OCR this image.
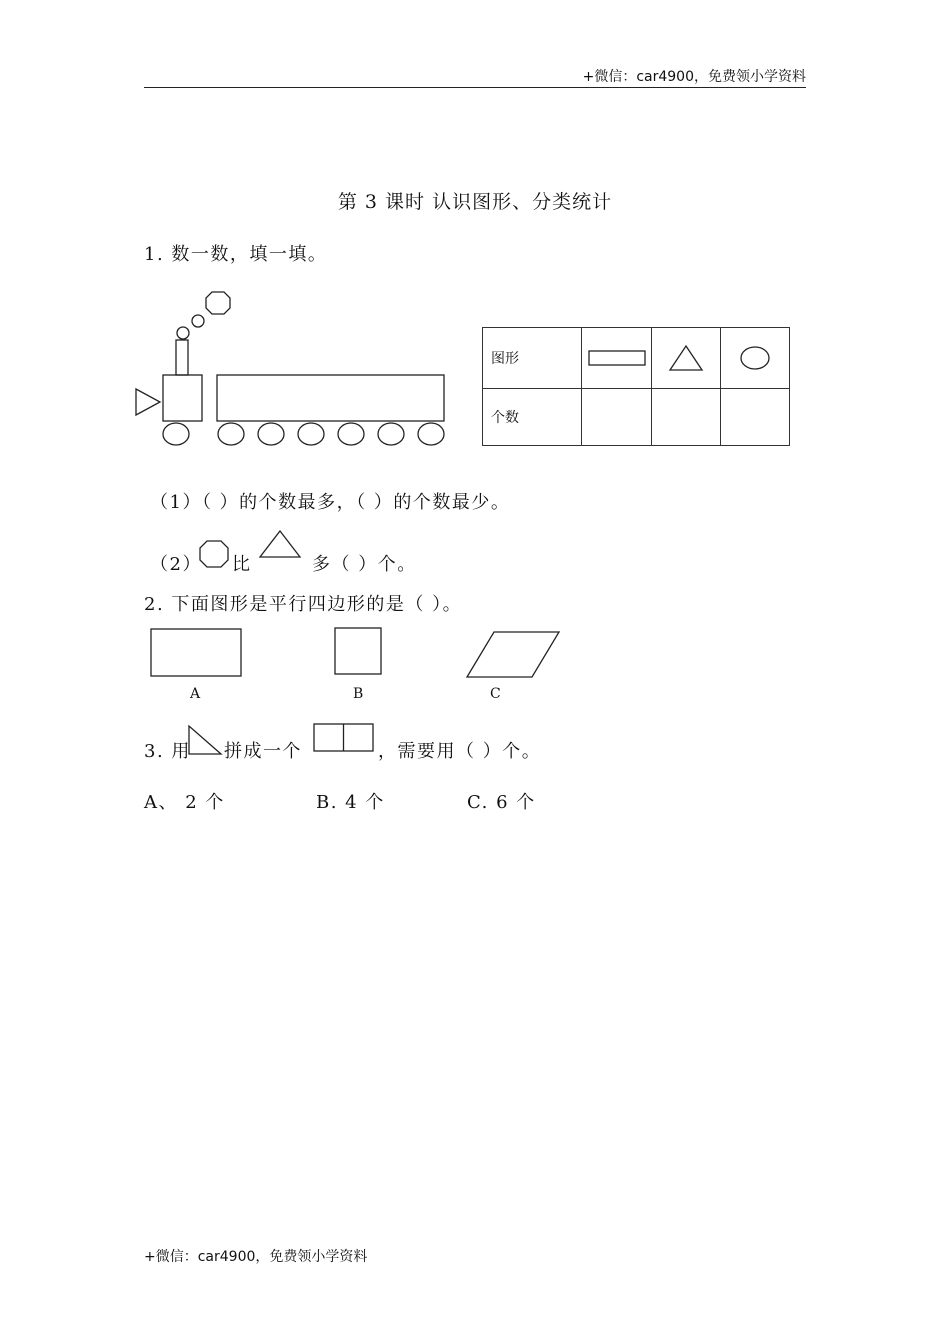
+微信：car4900，免费领小学资料
第 3 课时 认识图形、分类统计
1. 数一数，填一填。
图形	

个数			
（1）（ ）的个数最多，（ ）的个数最少。
（2） 比	多（ ）个。
2. 下面图形是平行四边形的是（ ）。
A	B	C
3. 用 拼成一个	，需要用（ ）个。
A、 2 个	B. 4 个	C. 6 个
+微信：car4900，免费领小学资料
